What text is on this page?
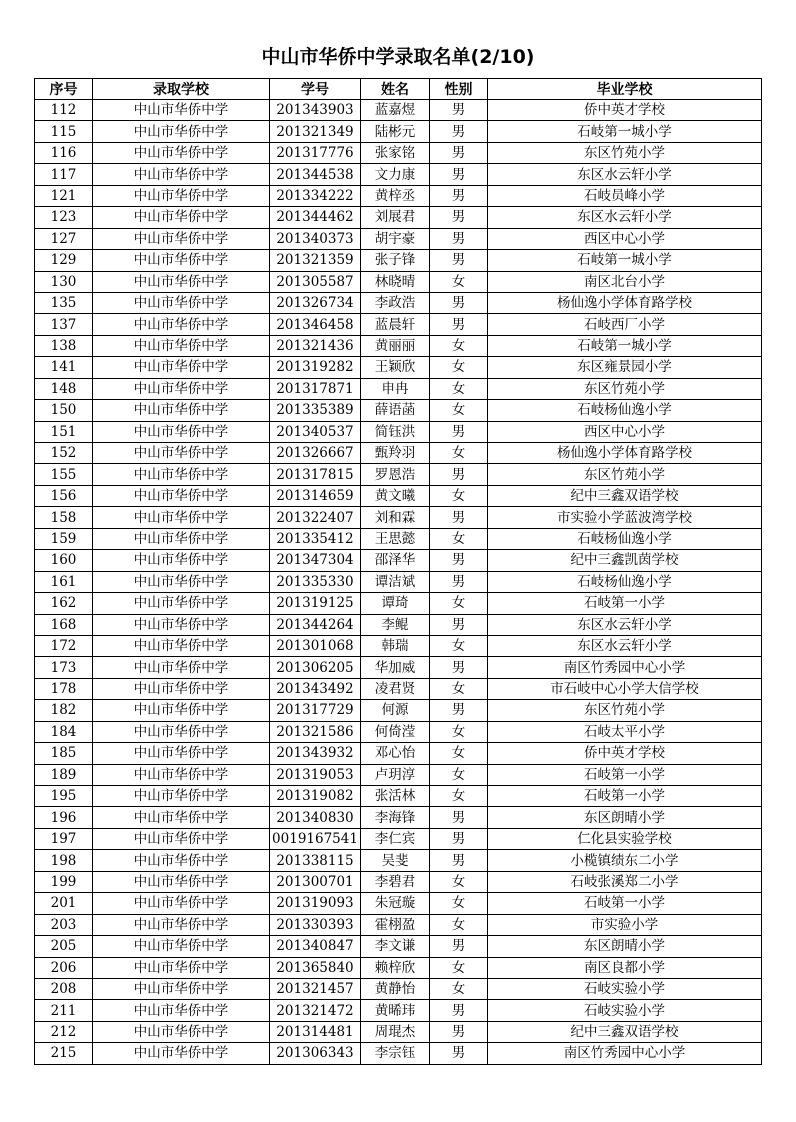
中山市华侨中学录取名单(2/10)
序号	录取学校	学号	姓名	性别	毕业学校
112	中山市华侨中学	201343903	蓝嘉煜	男	侨中英才学校
115	中山市华侨中学	201321349	陆彬元	男	石岐第一城小学
116	中山市华侨中学	201317776	张家铭	男	东区竹苑小学
117	中山市华侨中学	201344538	文力康	男	东区水云轩小学
121	中山市华侨中学	201334222	黄梓丞	男	石岐员峰小学
123	中山市华侨中学	201344462	刘展君	男	东区水云轩小学
127	中山市华侨中学	201340373	胡宇豪	男	西区中心小学
129	中山市华侨中学	201321359	张子锋	男	石岐第一城小学
130	中山市华侨中学	201305587	林晓晴	女	南区北台小学
135	中山市华侨中学	201326734	李政浩	男	杨仙逸小学体育路学校
137	中山市华侨中学	201346458	蓝晨轩	男	石岐西厂小学
138	中山市华侨中学	201321436	黄丽丽	女	石岐第一城小学
141	中山市华侨中学	201319282	王颖欣	女	东区雍景园小学
148	中山市华侨中学	201317871	申冉	女	东区竹苑小学
150	中山市华侨中学	201335389	薛语菡	女	石岐杨仙逸小学
151	中山市华侨中学	201340537	简钰洪	男	西区中心小学
152	中山市华侨中学	201326667	甄羚羽	女	杨仙逸小学体育路学校
155	中山市华侨中学	201317815	罗恩浩	男	东区竹苑小学
156	中山市华侨中学	201314659	黄文曦	女	纪中三鑫双语学校
158	中山市华侨中学	201322407	刘和霖	男	市实验小学蓝波湾学校
159	中山市华侨中学	201335412	王思懿	女	石岐杨仙逸小学
160	中山市华侨中学	201347304	邵泽华	男	纪中三鑫凯茵学校
161	中山市华侨中学	201335330	谭洁斌	男	石岐杨仙逸小学
162	中山市华侨中学	201319125	谭琦	女	石岐第一小学
168	中山市华侨中学	201344264	李鲲	男	东区水云轩小学
172	中山市华侨中学	201301068	韩瑞	女	东区水云轩小学
173	中山市华侨中学	201306205	华加威	男	南区竹秀园中心小学
178	中山市华侨中学	201343492	凌君贤	女	市石岐中心小学大信学校
182	中山市华侨中学	201317729	何源	男	东区竹苑小学
184	中山市华侨中学	201321586	何倚滢	女	石岐太平小学
185	中山市华侨中学	201343932	邓心怡	女	侨中英才学校
189	中山市华侨中学	201319053	卢玥淳	女	石岐第一小学
195	中山市华侨中学	201319082	张活林	女	石岐第一小学
196	中山市华侨中学	201340830	李海锋	男	东区朗晴小学
197	中山市华侨中学	0019167541	李仁宾	男	仁化县实验学校
198	中山市华侨中学	201338115	吴斐	男	小榄镇绩东二小学
199	中山市华侨中学	201300701	李碧君	女	石岐张溪郑二小学
201	中山市华侨中学	201319093	朱冠璇	女	石岐第一小学
203	中山市华侨中学	201330393	霍栩盈	女	市实验小学
205	中山市华侨中学	201340847	李文谦	男	东区朗晴小学
206	中山市华侨中学	201365840	赖梓欣	女	南区良都小学
208	中山市华侨中学	201321457	黄静怡	女	石岐实验小学
211	中山市华侨中学	201321472	黄晞玮	男	石岐实验小学
212	中山市华侨中学	201314481	周琨杰	男	纪中三鑫双语学校
215	中山市华侨中学	201306343	李宗钰	男	南区竹秀园中心小学
